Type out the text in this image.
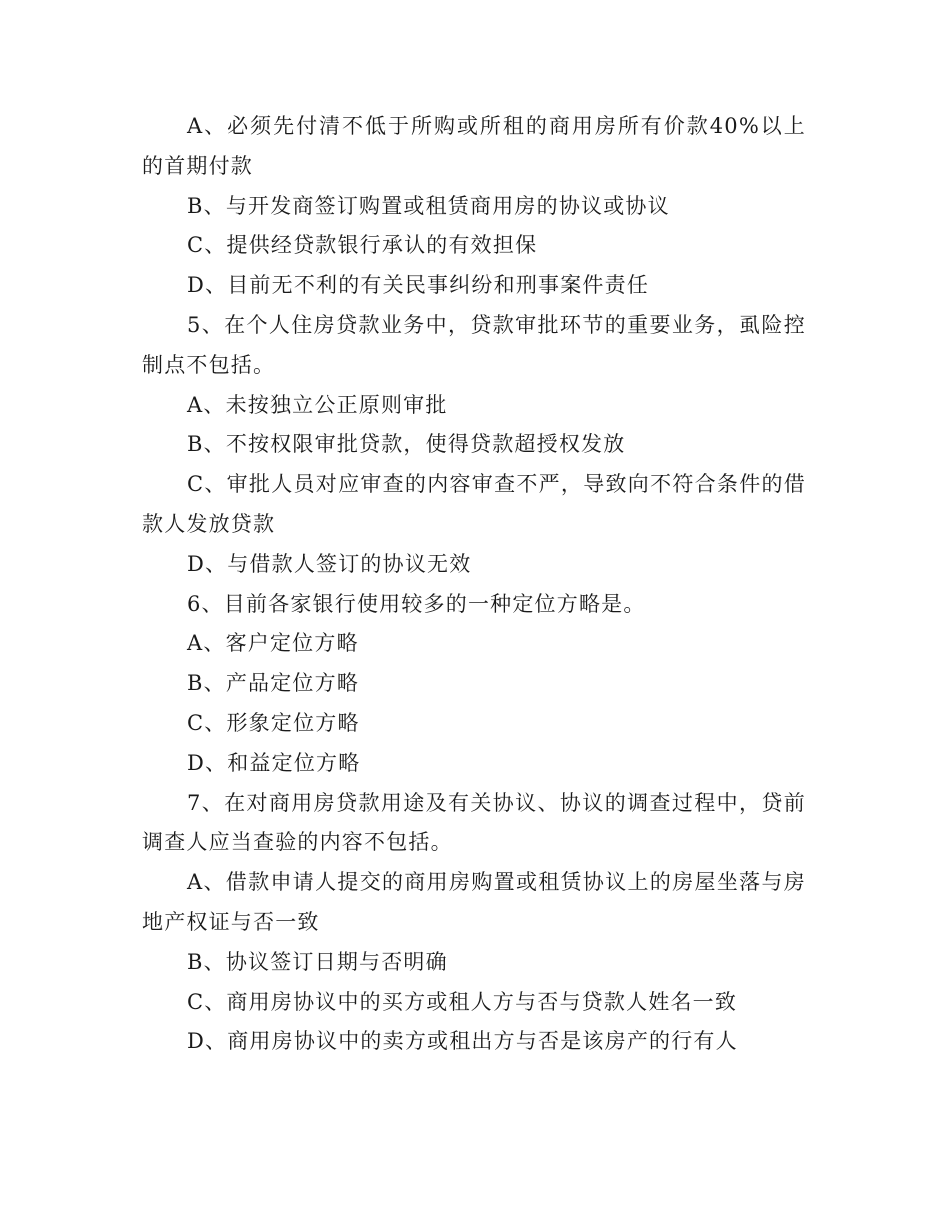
A、必须先付清不低于所购或所租的商用房所有价款40%以上的首期付款

B、与开发商签订购置或租赁商用房的协议或协议

C、提供经贷款银行承认的有效担保

D、目前无不利的有关民事纠纷和刑事案件责任

5、在个人住房贷款业务中，贷款审批环节的重要业务，虱险控制点不包括。

A、未按独立公正原则审批

B、不按权限审批贷款，使得贷款超授权发放

C、审批人员对应审查的内容审查不严，导致向不符合条件的借款人发放贷款

D、与借款人签订的协议无效

6、目前各家银行使用较多的一种定位方略是。

A、客户定位方略

B、产品定位方略

C、形象定位方略

D、和益定位方略

7、在对商用房贷款用途及有关协议、协议的调查过程中，贷前调查人应当查验的内容不包括。

A、借款申请人提交的商用房购置或租赁协议上的房屋坐落与房地产权证与否一致

B、协议签订日期与否明确

C、商用房协议中的买方或租人方与否与贷款人姓名一致

D、商用房协议中的卖方或租出方与否是该房产的行有人
